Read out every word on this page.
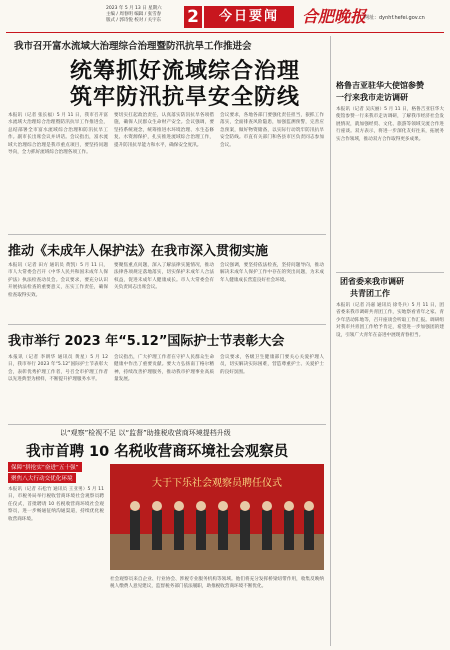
2023 年 5 月 13 日 星期六
主编 / 周春明 编辑 / 张雪春
版式 / 郭诗悦 校对 / 关宇东	2	今日要闻	合肥晚报
网址：dynhf.hefei.gov.cn
我市召开富水流域大治理综合治理暨防汛抗旱工作推进会
统筹抓好流域综合治理
筑牢防汛抗旱安全防线
本报讯（记者 张长福）5 月 11 日，我市召开富水流域大治理综合治理暨防汛抗旱工作推进会，总结部署全市富水流域综合治理和防汛抗旱工作。副市长出席会议并讲话。会议指出，富水流域大治理综合治理是我市重点项目，要坚持问题导向，全力抓好流域综合治理各项工作。
要切实扛起政治责任，认真落实防汛抗旱各项措施，确保人民群众生命财产安全。会议强调，要坚持系统观念，统筹推进水环境治理、水生态修复、水资源保护，扎实推进流域综合治理工作，提升防汛抗旱能力和水平，确保安全度汛。
会议要求，各地各部门要强化责任担当，狠抓工作落实，全面排查风险隐患，加强监测预警，完善应急预案，做好物资储备，以实际行动筑牢防汛抗旱安全防线。市直有关部门和各县市区负责同志参加会议。
推动《未成年人保护法》在我市深入贯彻实施
本报讯（记者 田方 通讯员 黄凯）5 月 11 日，市人大常委会召开《中华人民共和国未成年人保护法》执法检查动员会。会议要求，要充分认识开展执法检查的重要意义，压实工作责任，确保检查取得实效。
要聚焦重点问题，深入了解法律实施情况，推动法律各项规定落地落实，切实保护未成年人合法权益，促进未成年人健康成长。市人大常委会有关负责同志出席会议。
会议强调，要坚持依法检查，坚持问题导向，推动解决未成年人保护工作中存在的突出问题，为未成年人健康成长营造良好社会环境。
我市举行 2023 年“5.12”国际护士节表彰大会
本报讯（记者 李朗华 通讯员 黄星）5 月 12 日，我市举行 2023 年“5.12”国际护士节表彰大会，表彰优秀护理工作者，号召全市护理工作者以先进典型为榜样，不断提升护理服务水平。
会议指出，广大护理工作者在守护人民群众生命健康中作出了重要贡献。要大力弘扬南丁格尔精神，持续改善护理服务，推动我市护理事业高质量发展。
会议要求，各级卫生健康部门要关心关爱护理人员，切实解决实际困难，营造尊重护士、关爱护士的良好氛围。
以“观察”检视不足 以“监督”助推税收营商环境提档升级
我市首聘 10 名税收营商环境社会观察员
保障“拼抢实”奋进“五十强”
聚焦八大行动交优化环境
本报讯（记者 石松竹 通讯员 王亚男）5 月 11 日，市税务局举行税收营商环境社会观察员聘任仪式，首批聘请 10 名税收营商环境社会观察员，进一步畅通征纳沟通渠道，持续优化税收营商环境。
大于下乐社会观察员聘任仪式
社会观察员来自企业、行业协会、涉税专业服务机构等领域。他们将充分发挥桥梁纽带作用，收集反映纳税人缴费人意见建议，监督税务部门依法履职，助推税收营商环境不断优化。
格鲁吉亚驻华大使馆参赞
一行来我市走访调研
本报讯（记者 吴庆丽）5 月 11 日，格鲁吉亚驻华大使馆参赞一行来我市走访调研，了解我市经济社会发展情况，就加强经贸、文化、旅游等领域交流合作进行座谈。双方表示，将进一步深化友好往来，拓展务实合作领域，推动双方合作取得更多成果。
团省委来我市调研
共青团工作
本报讯（记者 冯嘉 通讯员 徐冬兵）5 月 11 日，团省委来我市调研共青团工作，实地察看青年之家、青少年活动阵地等，召开座谈会听取工作汇报。调研组对我市共青团工作给予肯定，希望进一步加强团的建设，引领广大青年在奋进中展现青春担当。
